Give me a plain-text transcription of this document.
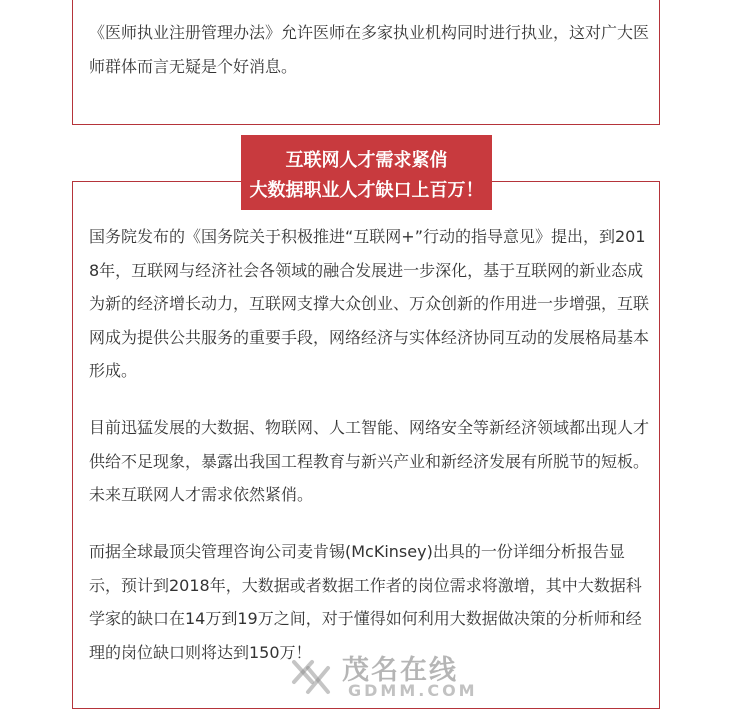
《医师执业注册管理办法》允许医师在多家执业机构同时进行执业，这对广大医师群体而言无疑是个好消息。

国务院发布的《国务院关于积极推进“互联网+”行动的指导意见》提出，到2018年，互联网与经济社会各领域的融合发展进一步深化，基于互联网的新业态成为新的经济增长动力，互联网支撑大众创业、万众创新的作用进一步增强，互联网成为提供公共服务的重要手段，网络经济与实体经济协同互动的发展格局基本形成。

目前迅猛发展的大数据、物联网、人工智能、网络安全等新经济领域都出现人才供给不足现象，暴露出我国工程教育与新兴产业和新经济发展有所脱节的短板。未来互联网人才需求依然紧俏。

而据全球最顶尖管理咨询公司麦肯锡(McKinsey)出具的一份详细分析报告显示，预计到2018年，大数据或者数据工作者的岗位需求将激增，其中大数据科学家的缺口在14万到19万之间，对于懂得如何利用大数据做决策的分析师和经理的岗位缺口则将达到150万！

互联网人才需求紧俏
大数据职业人才缺口上百万！
茂名在线
GDMM.COM
